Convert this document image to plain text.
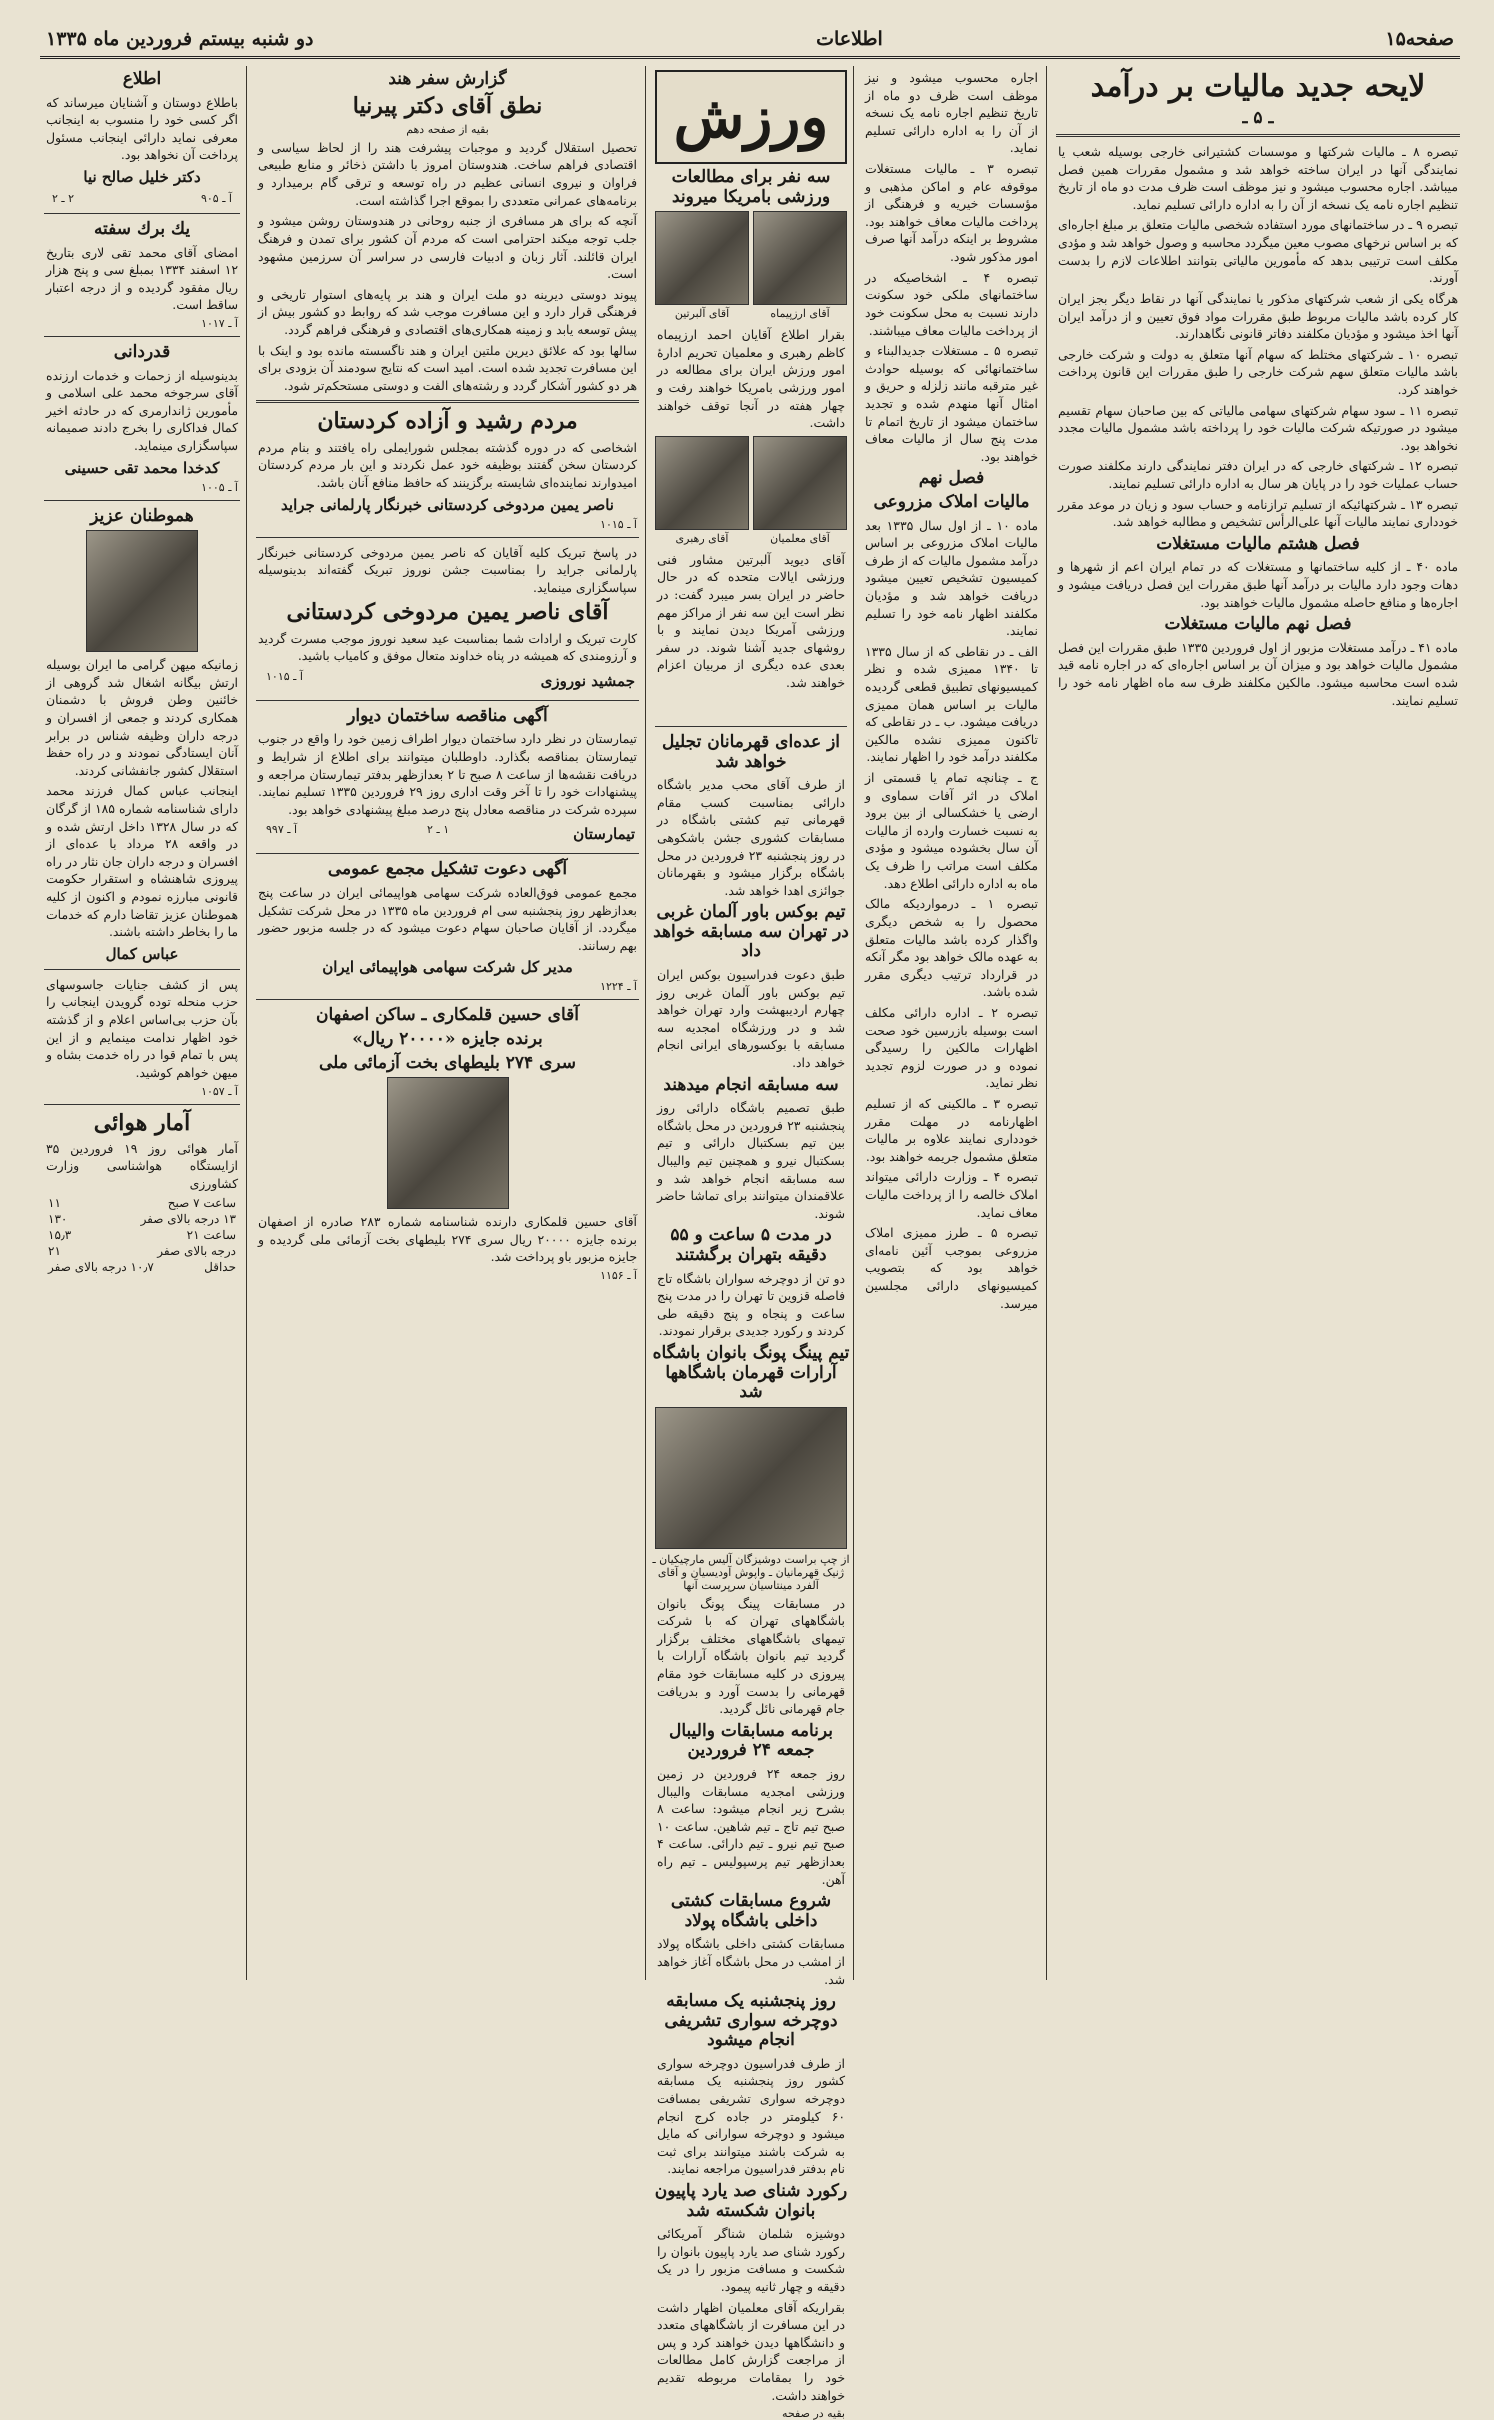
صفحه۱۵
اطلاعات
دو شنبه بیستم فروردین ماه ۱۳۳۵
لایحه جدید مالیات بر درآمد
ـ ۵ ـ

تبصره ۸ ـ مالیات شرکتها و موسسات کشتیرانی خارجی بوسیله شعب یا نمایندگی آنها در ایران ساخته خواهد شد و مشمول مقررات همین فصل میباشد. اجاره محسوب میشود و نیز موظف است ظرف مدت دو ماه از تاریخ تنظیم اجاره نامه یک نسخه از آن را به اداره دارائی تسلیم نماید.

تبصره ۹ ـ در ساختمانهای مورد استفاده شخصی مالیات متعلق بر مبلغ اجاره‌ای که بر اساس نرخهای مصوب معین میگردد محاسبه و وصول خواهد شد و مؤدی مکلف است ترتیبی بدهد که مأمورین مالیاتی بتوانند اطلاعات لازم را بدست آورند.

هرگاه یکی از شعب شرکتهای مذکور یا نمایندگی آنها در نقاط دیگر بجز ایران کار کرده باشد مالیات مربوط طبق مقررات مواد فوق تعیین و از درآمد ایران آنها اخذ میشود و مؤدیان مکلفند دفاتر قانونی نگاهدارند.

تبصره ۱۰ ـ شرکتهای مختلط که سهام آنها متعلق به دولت و شرکت خارجی باشد مالیات متعلق سهم شرکت خارجی را طبق مقررات این قانون پرداخت خواهند کرد.

تبصره ۱۱ ـ سود سهام شرکتهای سهامی مالیاتی که بین صاحبان سهام تقسیم میشود در صورتیکه شرکت مالیات خود را پرداخته باشد مشمول مالیات مجدد نخواهد بود.

تبصره ۱۲ ـ شرکتهای خارجی که در ایران دفتر نمایندگی دارند مکلفند صورت حساب عملیات خود را در پایان هر سال به اداره دارائی تسلیم نمایند.

تبصره ۱۳ ـ شرکتهائیکه از تسلیم ترازنامه و حساب سود و زیان در موعد مقرر خودداری نمایند مالیات آنها علی‌الرأس تشخیص و مطالبه خواهد شد.

فصل هشتم مالیات مستغلات

ماده ۴۰ ـ از کلیه ساختمانها و مستغلات که در تمام ایران اعم از شهرها و دهات وجود دارد مالیات بر درآمد آنها طبق مقررات این فصل دریافت میشود و اجاره‌ها و منافع حاصله مشمول مالیات خواهند بود.

فصل نهم مالیات مستغلات

ماده ۴۱ ـ درآمد مستغلات مزبور از اول فروردین ۱۳۳۵ طبق مقررات این فصل مشمول مالیات خواهد بود و میزان آن بر اساس اجاره‌ای که در اجاره نامه قید شده است محاسبه میشود. مالکین مکلفند ظرف سه ماه اظهار نامه خود را تسلیم نمایند.

اجاره محسوب میشود و نیز موظف است ظرف دو ماه از تاریخ تنظیم اجاره نامه یک نسخه از آن را به اداره دارائی تسلیم نماید.

تبصره ۳ ـ مالیات مستغلات موقوفه عام و اماکن مذهبی و مؤسسات خیریه و فرهنگی از پرداخت مالیات معاف خواهند بود. مشروط بر اینکه درآمد آنها صرف امور مذکور شود.

تبصره ۴ ـ اشخاصیکه در ساختمانهای ملکی خود سکونت دارند نسبت به محل سکونت خود از پرداخت مالیات معاف میباشند.

تبصره ۵ ـ مستغلات جدیدالبناء و ساختمانهائی که بوسیله حوادث غیر مترقبه مانند زلزله و حریق و امثال آنها منهدم شده و تجدید ساختمان میشود از تاریخ اتمام تا مدت پنج سال از مالیات معاف خواهند بود.

فصل نهم
مالیات املاک مزروعی

ماده ۱۰ ـ از اول سال ۱۳۳۵ بعد مالیات املاک مزروعی بر اساس درآمد مشمول مالیات که از طرف کمیسیون تشخیص تعیین میشود دریافت خواهد شد و مؤدیان مکلفند اظهار نامه خود را تسلیم نمایند.

الف ـ در نقاطی که از سال ۱۳۳۵ تا ۱۳۴۰ ممیزی شده و نظر کمیسیونهای تطبیق قطعی گردیده مالیات بر اساس همان ممیزی دریافت میشود. ب ـ در نقاطی که تاکنون ممیزی نشده مالکین مکلفند درآمد خود را اظهار نمایند.

ج ـ چنانچه تمام یا قسمتی از املاک در اثر آفات سماوی و ارضی یا خشکسالی از بین برود به نسبت خسارت وارده از مالیات آن سال بخشوده میشود و مؤدی مکلف است مراتب را ظرف یک ماه به اداره دارائی اطلاع دهد.

تبصره ۱ ـ درمواردیکه مالک محصول را به شخص دیگری واگذار کرده باشد مالیات متعلق به عهده مالک خواهد بود مگر آنکه در قرارداد ترتیب دیگری مقرر شده باشد.

تبصره ۲ ـ اداره دارائی مکلف است بوسیله بازرسین خود صحت اظهارات مالکین را رسیدگی نموده و در صورت لزوم تجدید نظر نماید.

تبصره ۳ ـ مالکینی که از تسلیم اظهارنامه در مهلت مقرر خودداری نمایند علاوه بر مالیات متعلق مشمول جریمه خواهند بود.

تبصره ۴ ـ وزارت دارائی میتواند املاک خالصه را از پرداخت مالیات معاف نماید.

تبصره ۵ ـ طرز ممیزی املاک مزروعی بموجب آئین نامه‌ای خواهد بود که بتصویب کمیسیونهای دارائی مجلسین میرسد.

ورزش
سه نفر برای مطالعات ورزشی بامریکا میروند
آقای ارزپیماه
آقای آلبرتین

بقرار اطلاع آقایان احمد ارزپیماه کاظم رهبری و معلمیان تحریم ادارهٔ امور ورزش ایران برای مطالعه در امور ورزشی بامریکا خواهند رفت و چهار هفته در آنجا توقف خواهند داشت.

آقای معلمیان
آقای رهبری

آقای دیوید آلبرتین مشاور فنی ورزشی ایالات متحده که در حال حاضر در ایران بسر میبرد گفت: در نظر است این سه نفر از مراکز مهم ورزشی آمریکا دیدن نمایند و با روشهای جدید آشنا شوند. در سفر بعدی عده دیگری از مربیان اعزام خواهند شد.

از عده‌ای قهرمانان تجلیل خواهد شد

از طرف آقای محب مدیر باشگاه دارائی بمناسبت کسب مقام قهرمانی تیم کشتی باشگاه در مسابقات کشوری جشن باشکوهی در روز پنجشنبه ۲۳ فروردین در محل باشگاه برگزار میشود و بقهرمانان جوائزی اهدا خواهد شد.

تیم بوکس باور آلمان غربی در تهران سه مسابقه خواهد داد

طبق دعوت فدراسیون بوکس ایران تیم بوکس باور آلمان غربی روز چهارم اردیبهشت وارد تهران خواهد شد و در ورزشگاه امجدیه سه مسابقه با بوکسورهای ایرانی انجام خواهد داد.

سه مسابقه انجام میدهند

طبق تصمیم باشگاه دارائی روز پنجشنبه ۲۳ فروردین در محل باشگاه بین تیم بسکتبال دارائی و تیم بسکتبال نیرو و همچنین تیم والیبال سه مسابقه انجام خواهد شد و علاقمندان میتوانند برای تماشا حاضر شوند.

در مدت ۵ ساعت و ۵۵ دقیقه بتهران برگشتند

دو تن از دوچرخه سواران باشگاه تاج فاصله قزوین تا تهران را در مدت پنج ساعت و پنجاه و پنج دقیقه طی کردند و رکورد جدیدی برقرار نمودند.

تیم پینگ پونگ بانوان باشگاه آرارات قهرمان باشگاهها شد
از چپ براست دوشیزگان آلیس مارچیکیان ـ ژنیک قهرمانیان ـ واپوش آودیسیان و آقای آلفرد مینتاسیان سرپرست آنها

در مسابقات پینگ پونگ بانوان باشگاههای تهران که با شرکت تیمهای باشگاههای مختلف برگزار گردید تیم بانوان باشگاه آرارات با پیروزی در کلیه مسابقات خود مقام قهرمانی را بدست آورد و بدریافت جام قهرمانی نائل گردید.

برنامه مسابقات والیبال جمعه ۲۴ فروردین

روز جمعه ۲۴ فروردین در زمین ورزشی امجدیه مسابقات والیبال بشرح زیر انجام میشود: ساعت ۸ صبح تیم تاج ـ تیم شاهین. ساعت ۱۰ صبح تیم نیرو ـ تیم دارائی. ساعت ۴ بعدازظهر تیم پرسپولیس ـ تیم راه آهن.

شروع مسابقات کشتی داخلی باشگاه پولاد

مسابقات کشتی داخلی باشگاه پولاد از امشب در محل باشگاه آغاز خواهد شد.

روز پنجشنبه یک مسابقه دوچرخه سواری تشریفی انجام میشود

از طرف فدراسیون دوچرخه سواری کشور روز پنجشنبه یک مسابقه دوچرخه سواری تشریفی بمسافت ۶۰ کیلومتر در جاده کرج انجام میشود و دوچرخه سوارانی که مایل به شرکت باشند میتوانند برای ثبت نام بدفتر فدراسیون مراجعه نمایند.

رکورد شنای صد یارد پاپیون بانوان شکسته شد

دوشیزه شلمان شناگر آمریکائی رکورد شنای صد یارد پاپیون بانوان را شکست و مسافت مزبور را در یک دقیقه و چهار ثانیه پیمود.

بقراریکه آقای معلمیان اظهار داشت در این مسافرت از باشگاههای متعدد و دانشگاهها دیدن خواهند کرد و پس از مراجعت گزارش کامل مطالعات خود را بمقامات مربوطه تقدیم خواهند داشت.

بقیه در صفحه
گزارش سفر هند
نطق آقای دکتر پیرنیا
بقیه از صفحه دهم

تحصیل استقلال گردید و موجبات پیشرفت هند را از لحاظ سیاسی و اقتصادی فراهم ساخت. هندوستان امروز با داشتن ذخائر و منابع طبیعی فراوان و نیروی انسانی عظیم در راه توسعه و ترقی گام برمیدارد و برنامه‌های عمرانی متعددی را بموقع اجرا گذاشته است.

آنچه که برای هر مسافری از جنبه روحانی در هندوستان روشن میشود و جلب توجه میکند احترامی است که مردم آن کشور برای تمدن و فرهنگ ایران قائلند. آثار زبان و ادبیات فارسی در سراسر آن سرزمین مشهود است.

پیوند دوستی دیرینه دو ملت ایران و هند بر پایه‌های استوار تاریخی و فرهنگی قرار دارد و این مسافرت موجب شد که روابط دو کشور بیش از پیش توسعه یابد و زمینه همکاری‌های اقتصادی و فرهنگی فراهم گردد.

سالها بود که علائق دیرین ملتین ایران و هند ناگسسته مانده بود و اینک با این مسافرت تجدید شده است. امید است که نتایج سودمند آن بزودی برای هر دو کشور آشکار گردد و رشته‌های الفت و دوستی مستحکم‌تر شود.

مردم رشید و آزاده کردستان

اشخاصی که در دوره گذشته بمجلس شورایملی راه یافتند و بنام مردم کردستان سخن گفتند بوظیفه خود عمل نکردند و این بار مردم کردستان امیدوارند نماینده‌ای شایسته برگزینند که حافظ منافع آنان باشد.

ناصر یمین مردوخی کردستانی خبرنگار پارلمانی جراید
آ ـ ۱۰۱۵

در پاسخ تبریک کلیه آقایان که ناصر یمین مردوخی کردستانی خبرنگار پارلمانی جراید را بمناسبت جشن نوروز تبریک گفته‌اند بدینوسیله سپاسگزاری مینماید.

آقای ناصر یمین مردوخی کردستانی

کارت تبریک و ارادات شما بمناسبت عید سعید نوروز موجب مسرت گردید و آرزومندی که همیشه در پناه خداوند متعال موفق و کامیاب باشید.

جمشید نوروزی
آ ـ ۱۰۱۵
آگهی مناقصه ساختمان دیوار

تیمارستان در نظر دارد ساختمان دیوار اطراف زمین خود را واقع در جنوب تیمارستان بمناقصه بگذارد. داوطلبان میتوانند برای اطلاع از شرایط و دریافت نقشه‌ها از ساعت ۸ صبح تا ۲ بعدازظهر بدفتر تیمارستان مراجعه و پیشنهادات خود را تا آخر وقت اداری روز ۲۹ فروردین ۱۳۳۵ تسلیم نمایند. سپرده شرکت در مناقصه معادل پنج درصد مبلغ پیشنهادی خواهد بود.

تیمارستان
۱ ـ ۲
آ ـ ۹۹۷
آگهی دعوت تشکیل مجمع عمومی

مجمع عمومی فوق‌العاده شرکت سهامی هواپیمائی ایران در ساعت پنج بعدازظهر روز پنجشنبه سی ام فروردین ماه ۱۳۳۵ در محل شرکت تشکیل میگردد. از آقایان صاحبان سهام دعوت میشود که در جلسه مزبور حضور بهم رسانند.

مدیر کل شرکت سهامی هواپیمائی ایران
آ ـ ۱۲۲۴
آقای حسین قلمکاری ـ ساکن اصفهان
برنده جایزه «۲۰۰۰۰ ریال»
سری ۲۷۴ بلیطهای بخت آزمائی ملی

آقای حسین قلمکاری دارنده شناسنامه شماره ۲۸۳ صادره از اصفهان برنده جایزه ۲۰۰۰۰ ریال سری ۲۷۴ بلیطهای بخت آزمائی ملی گردیده و جایزه مزبور باو پرداخت شد.

آ ـ ۱۱۵۶
اطلاع

باطلاع دوستان و آشنایان میرساند که اگر کسی خود را منسوب به اینجانب معرفی نماید دارائی اینجانب مسئول پرداخت آن نخواهد بود.

دکتر خلیل صالح نیا
آ ـ ۹۰۵
۲ ـ ۲
یك برك سفته

امضای آقای محمد تقی لاری بتاریخ ۱۲ اسفند ۱۳۳۴ بمبلغ سی و پنج هزار ریال مفقود گردیده و از درجه اعتبار ساقط است.

آ ـ ۱۰۱۷
قدردانی

بدینوسیله از زحمات و خدمات ارزنده آقای سرجوخه محمد علی اسلامی و مأمورین ژاندارمری که در حادثه اخیر کمال فداکاری را بخرج دادند صمیمانه سپاسگزاری مینماید.

کدخدا محمد تقی حسینی
آ ـ ۱۰۰۵
هموطنان عزیز

زمانیکه میهن گرامی ما ایران بوسیله ارتش بیگانه اشغال شد گروهی از خائنین وطن فروش با دشمنان همکاری کردند و جمعی از افسران و درجه داران وظیفه شناس در برابر آنان ایستادگی نمودند و در راه حفظ استقلال کشور جانفشانی کردند.

اینجانب عباس کمال فرزند محمد دارای شناسنامه شماره ۱۸۵ از گرگان که در سال ۱۳۲۸ داخل ارتش شده و در واقعه ۲۸ مرداد با عده‌ای از افسران و درجه داران جان نثار در راه پیروزی شاهنشاه و استقرار حکومت قانونی مبارزه نمودم و اکنون از کلیه هموطنان عزیز تقاضا دارم که خدمات ما را بخاطر داشته باشند.

عباس کمال

پس از کشف جنایات جاسوسهای حزب منحله توده گرویدن اینجانب را بآن حزب بی‌اساس اعلام و از گذشته خود اظهار ندامت مینمایم و از این پس با تمام قوا در راه خدمت بشاه و میهن خواهم کوشید.

آ ـ ۱۰۵۷
آمار هوائی

آمار هوائی روز ۱۹ فروردین ۳۵ ازایستگاه هواشناسی وزارت کشاورزی

ساعت ۷ صبح
۱۱
۱۳ درجه بالای صفر
۱۳۰
ساعت ۲۱
۱۵٫۳
درجه بالای صفر
۲۱
حداقل
۱۰٫۷ درجه بالای صفر
